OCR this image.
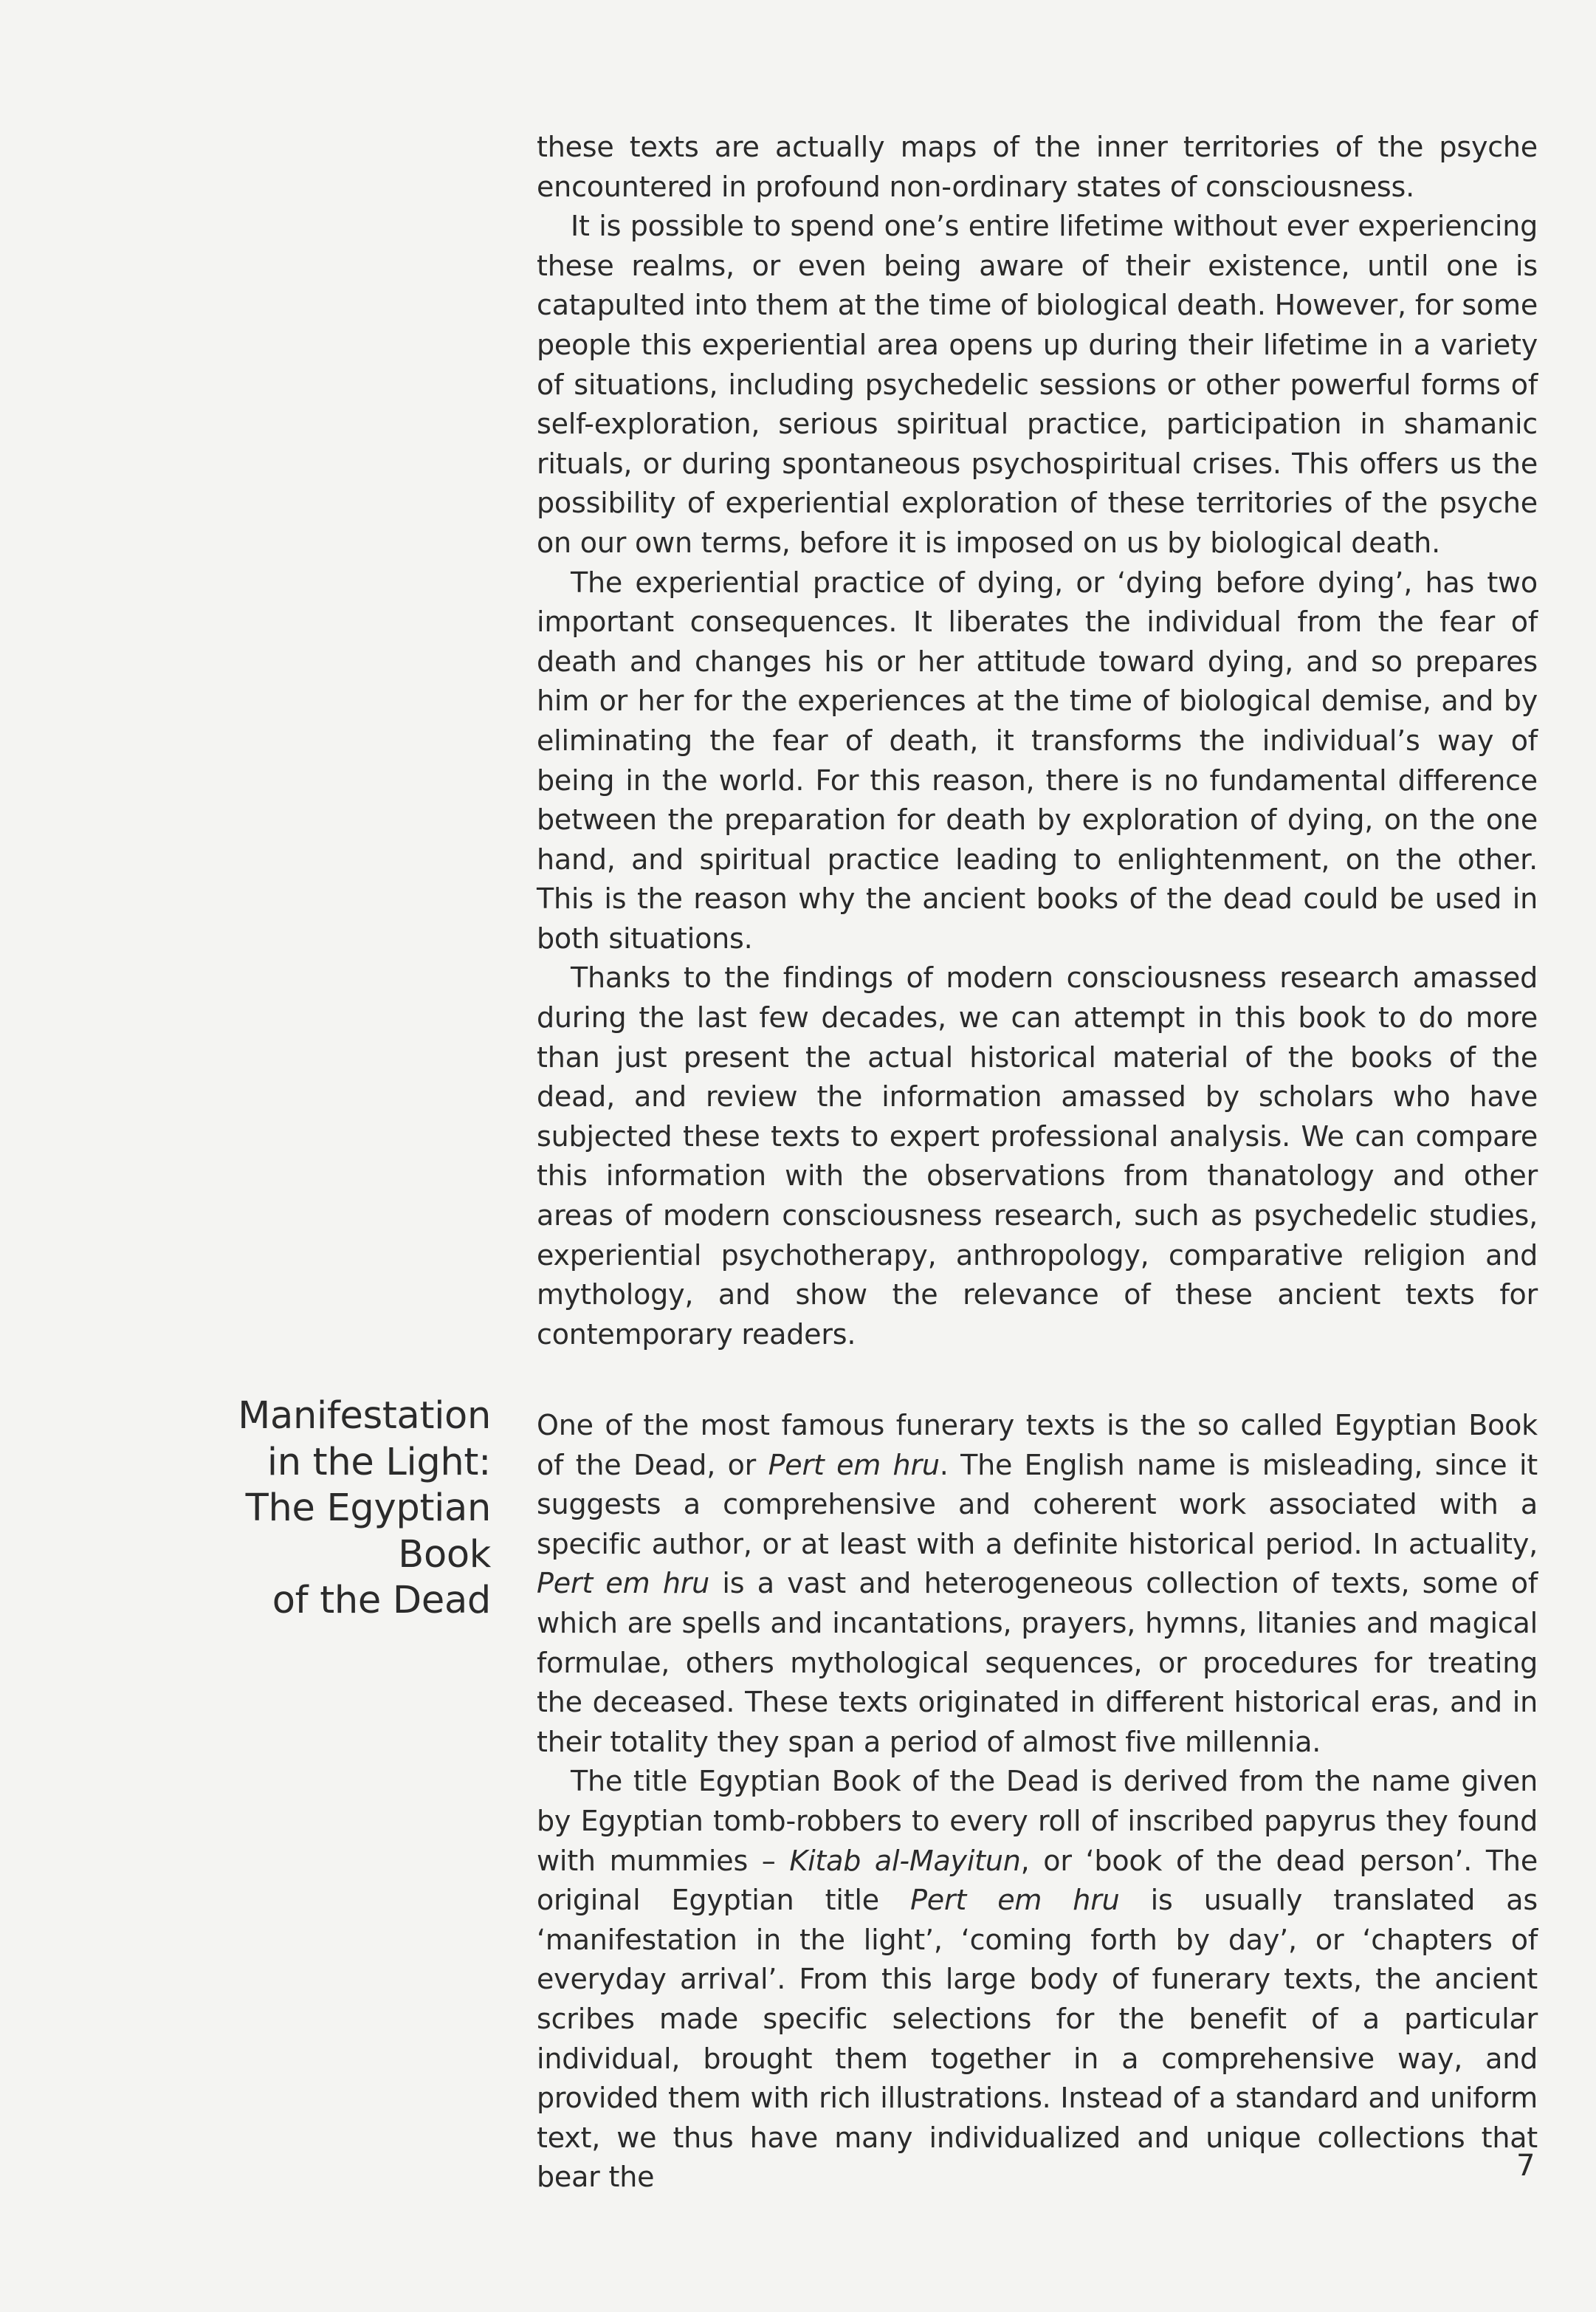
these texts are actually maps of the inner territories of the psyche encountered in profound non-ordinary states of consciousness.

It is possible to spend one’s entire lifetime without ever experiencing these realms, or even being aware of their existence, until one is catapulted into them at the time of biological death. However, for some people this experiential area opens up during their lifetime in a variety of situations, including psychedelic sessions or other powerful forms of self-exploration, serious spiritual practice, participation in shamanic rituals, or during spontaneous psychospiritual crises. This offers us the possibility of experiential exploration of these territories of the psyche on our own terms, before it is imposed on us by biological death.

The experiential practice of dying, or ‘dying before dying’, has two important consequences. It liberates the individual from the fear of death and changes his or her attitude toward dying, and so prepares him or her for the experiences at the time of biological demise, and by eliminating the fear of death, it transforms the individual’s way of being in the world. For this reason, there is no fundamental difference between the preparation for death by exploration of dying, on the one hand, and spiritual practice leading to enlightenment, on the other. This is the reason why the ancient books of the dead could be used in both situations.

Thanks to the findings of modern consciousness research amassed during the last few decades, we can attempt in this book to do more than just present the actual historical material of the books of the dead, and review the information amassed by scholars who have subjected these texts to expert professional analysis. We can compare this information with the observations from thanatology and other areas of modern consciousness research, such as psychedelic studies, experiential psychotherapy, anthropology, comparative religion and mythology, and show the relevance of these ancient texts for contemporary readers.

Manifestation
in the Light:
The Egyptian Book
of the Dead

One of the most famous funerary texts is the so called Egyptian Book of the Dead, or Pert em hru. The English name is misleading, since it suggests a comprehensive and coherent work associated with a specific author, or at least with a definite historical period. In actuality, Pert em hru is a vast and heterogeneous collection of texts, some of which are spells and incantations, prayers, hymns, litanies and magical formulae, others mythological sequences, or procedures for treating the deceased. These texts originated in different historical eras, and in their totality they span a period of almost five millennia.

The title Egyptian Book of the Dead is derived from the name given by Egyptian tomb-robbers to every roll of inscribed papyrus they found with mummies – Kitab al-Mayitun, or ‘book of the dead person’. The original Egyptian title Pert em hru is usually translated as ‘manifestation in the light’, ‘coming forth by day’, or ‘chapters of everyday arrival’. From this large body of funerary texts, the ancient scribes made specific selections for the benefit of a particular individual, brought them together in a comprehensive way, and provided them with rich illustrations. Instead of a standard and uniform text, we thus have many individualized and unique collections that bear the	7
